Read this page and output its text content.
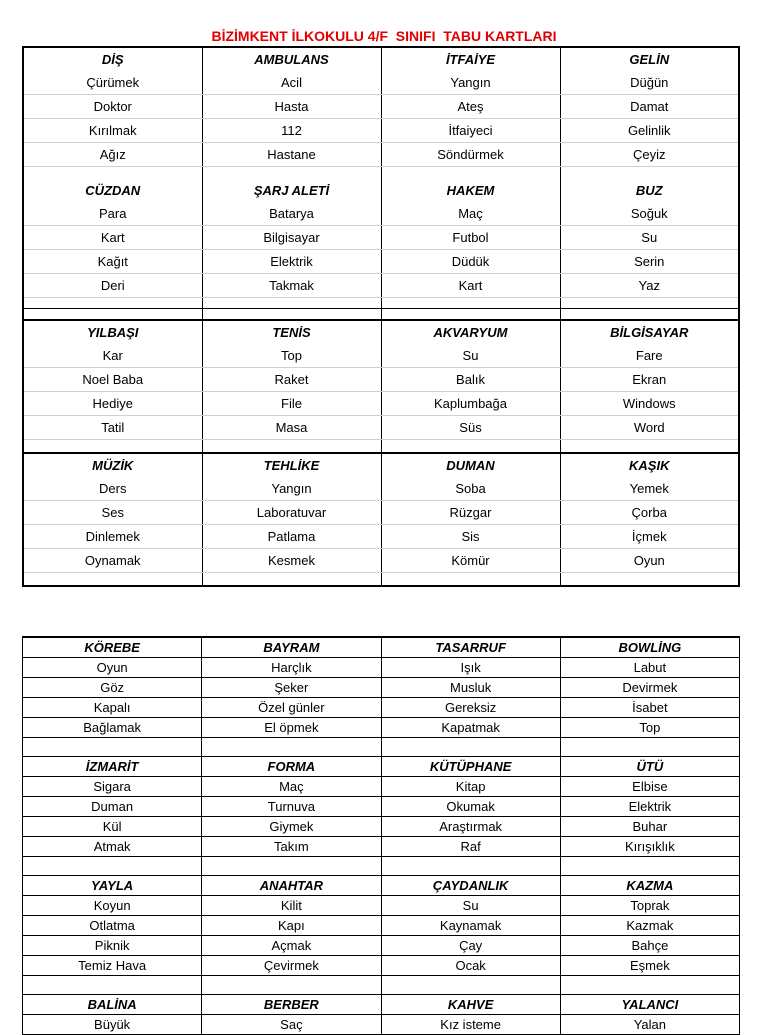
BİZİMKENT İLKOKULU 4/F  SINIFI  TABU KARTLARI
DİŞ	AMBULANS	İTFAİYE	GELİN
Çürümek	Acil	Yangın	Düğün
Doktor	Hasta	Ateş	Damat
Kırılmak	112	İtfaiyeci	Gelinlik
Ağız	Hastane	Söndürmek	Çeyiz

CÜZDAN	ŞARJ ALETİ	HAKEM	BUZ
Para	Batarya	Maç	Soğuk
Kart	Bilgisayar	Futbol	Su
Kağıt	Elektrik	Düdük	Serin
Deri	Takmak	Kart	Yaz

YILBAŞI	TENİS	AKVARYUM	BİLGİSAYAR
Kar	Top	Su	Fare
Noel Baba	Raket	Balık	Ekran
Hediye	File	Kaplumbağa	Windows
Tatil	Masa	Süs	Word

MÜZİK	TEHLİKE	DUMAN	KAŞIK
Ders	Yangın	Soba	Yemek
Ses	Laboratuvar	Rüzgar	Çorba
Dinlemek	Patlama	Sis	İçmek
Oynamak	Kesmek	Kömür	Oyun

KÖREBE	BAYRAM	TASARRUF	BOWLİNG
Oyun	Harçlık	Işık	Labut
Göz	Şeker	Musluk	Devirmek
Kapalı	Özel günler	Gereksiz	İsabet
Bağlamak	El öpmek	Kapatmak	Top

İZMARİT	FORMA	KÜTÜPHANE	ÜTÜ
Sigara	Maç	Kitap	Elbise
Duman	Turnuva	Okumak	Elektrik
Kül	Giymek	Araştırmak	Buhar
Atmak	Takım	Raf	Kırışıklık

YAYLA	ANAHTAR	ÇAYDANLIK	KAZMA
Koyun	Kilit	Su	Toprak
Otlatma	Kapı	Kaynamak	Kazmak
Piknik	Açmak	Çay	Bahçe
Temiz Hava	Çevirmek	Ocak	Eşmek

BALİNA	BERBER	KAHVE	YALANCI
Büyük	Saç	Kız isteme	Yalan
